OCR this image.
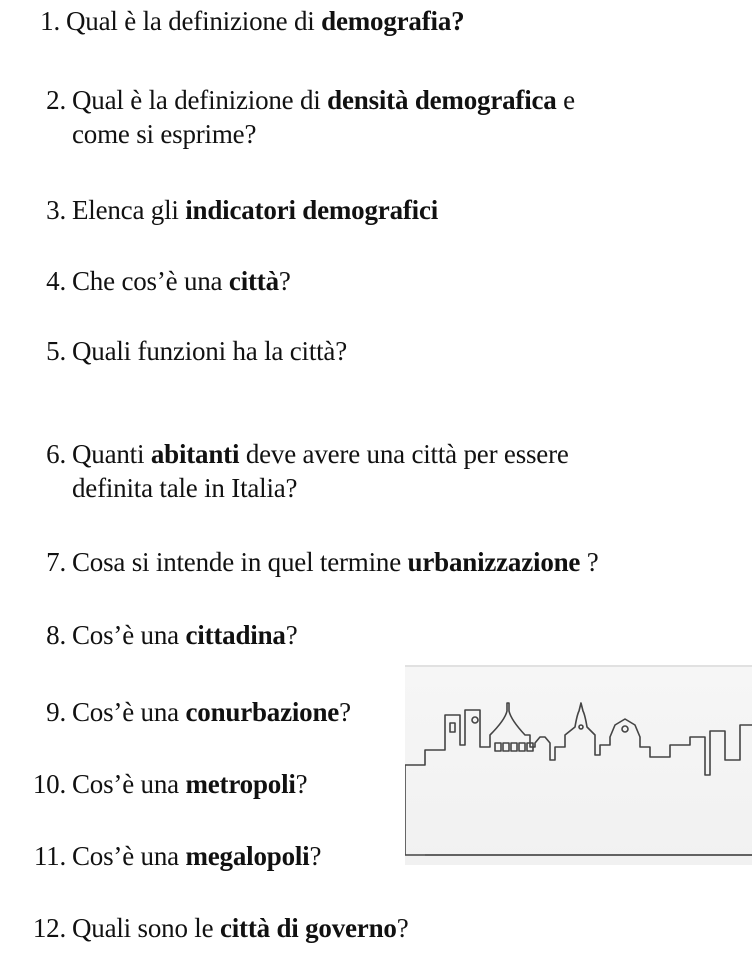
1. Qual è la definizione di demografia?
2. Qual è la definizione di densità demografica e
come si esprime?
3. Elenca gli indicatori demografici
4. Che cos’è una città?
5. Quali funzioni ha la città?
6. Quanti abitanti deve avere una città per essere
definita tale in Italia?
7. Cosa si intende in quel termine urbanizzazione ?
8. Cos’è una cittadina?
9. Cos’è una conurbazione?
10. Cos’è una metropoli?
11. Cos’è una megalopoli?
12. Quali sono le città di governo?
